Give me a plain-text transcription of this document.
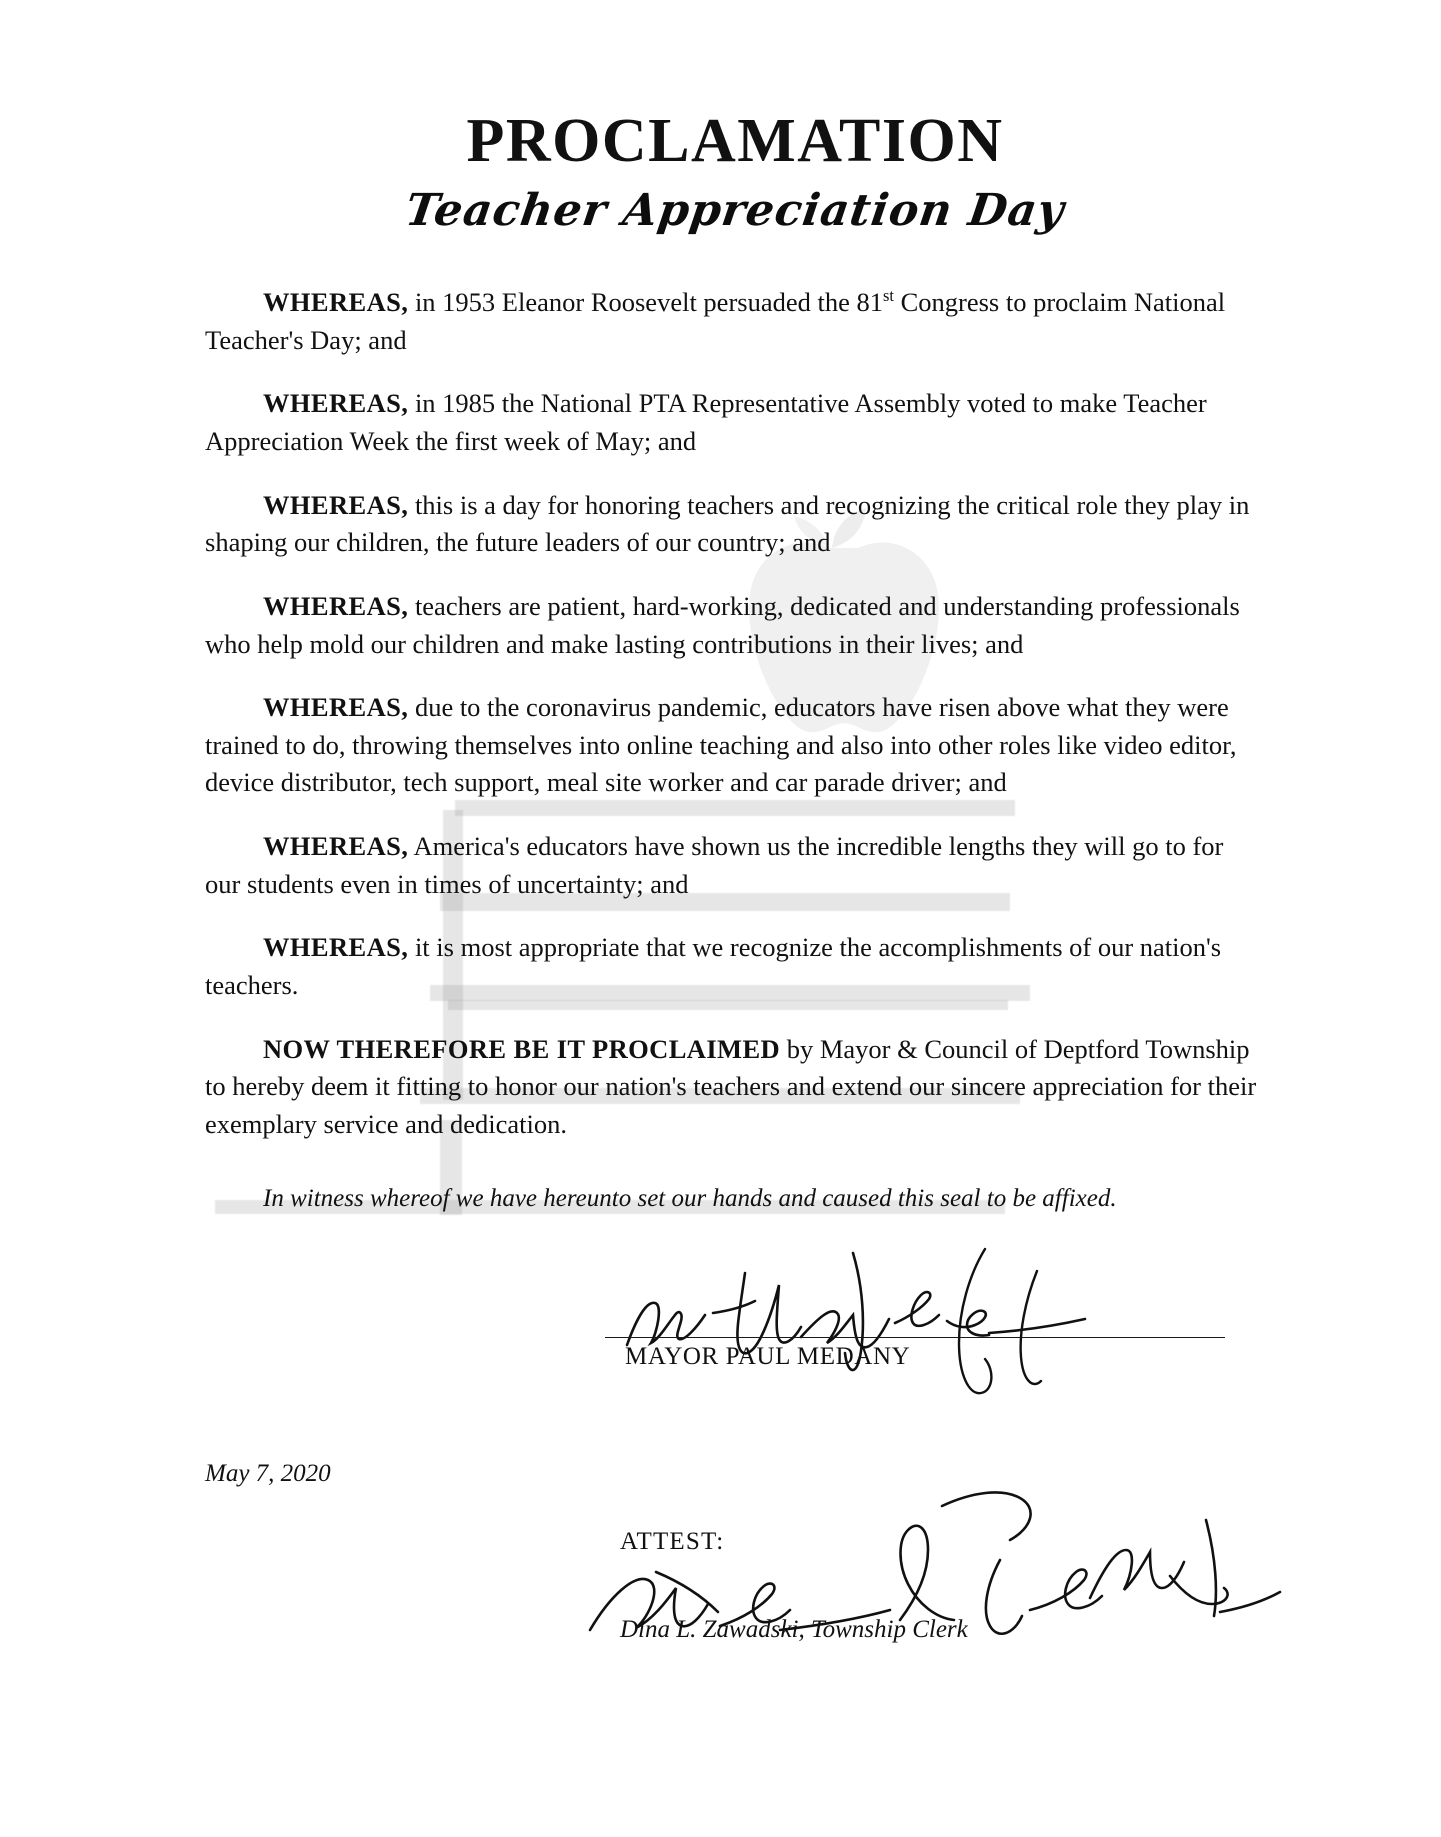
PROCLAMATION
Teacher Appreciation Day

WHEREAS, in 1953 Eleanor Roosevelt persuaded the 81st Congress to proclaim National Teacher's Day; and

WHEREAS, in 1985 the National PTA Representative Assembly voted to make Teacher Appreciation Week the first week of May; and

WHEREAS, this is a day for honoring teachers and recognizing the critical role they play in shaping our children, the future leaders of our country; and

WHEREAS, teachers are patient, hard-working, dedicated and understanding professionals who help mold our children and make lasting contributions in their lives; and

WHEREAS, due to the coronavirus pandemic, educators have risen above what they were trained to do, throwing themselves into online teaching and also into other roles like video editor, device distributor, tech support, meal site worker and car parade driver; and

WHEREAS, America's educators have shown us the incredible lengths they will go to for our students even in times of uncertainty; and

WHEREAS, it is most appropriate that we recognize the accomplishments of our nation's teachers.

NOW THEREFORE BE IT PROCLAIMED by Mayor & Council of Deptford Township to hereby deem it fitting to honor our nation's teachers and extend our sincere appreciation for their exemplary service and dedication.

In witness whereof we have hereunto set our hands and caused this seal to be affixed.

MAYOR PAUL MEDANY
May 7, 2020
ATTEST:
Dina L. Zawadski, Township Clerk
